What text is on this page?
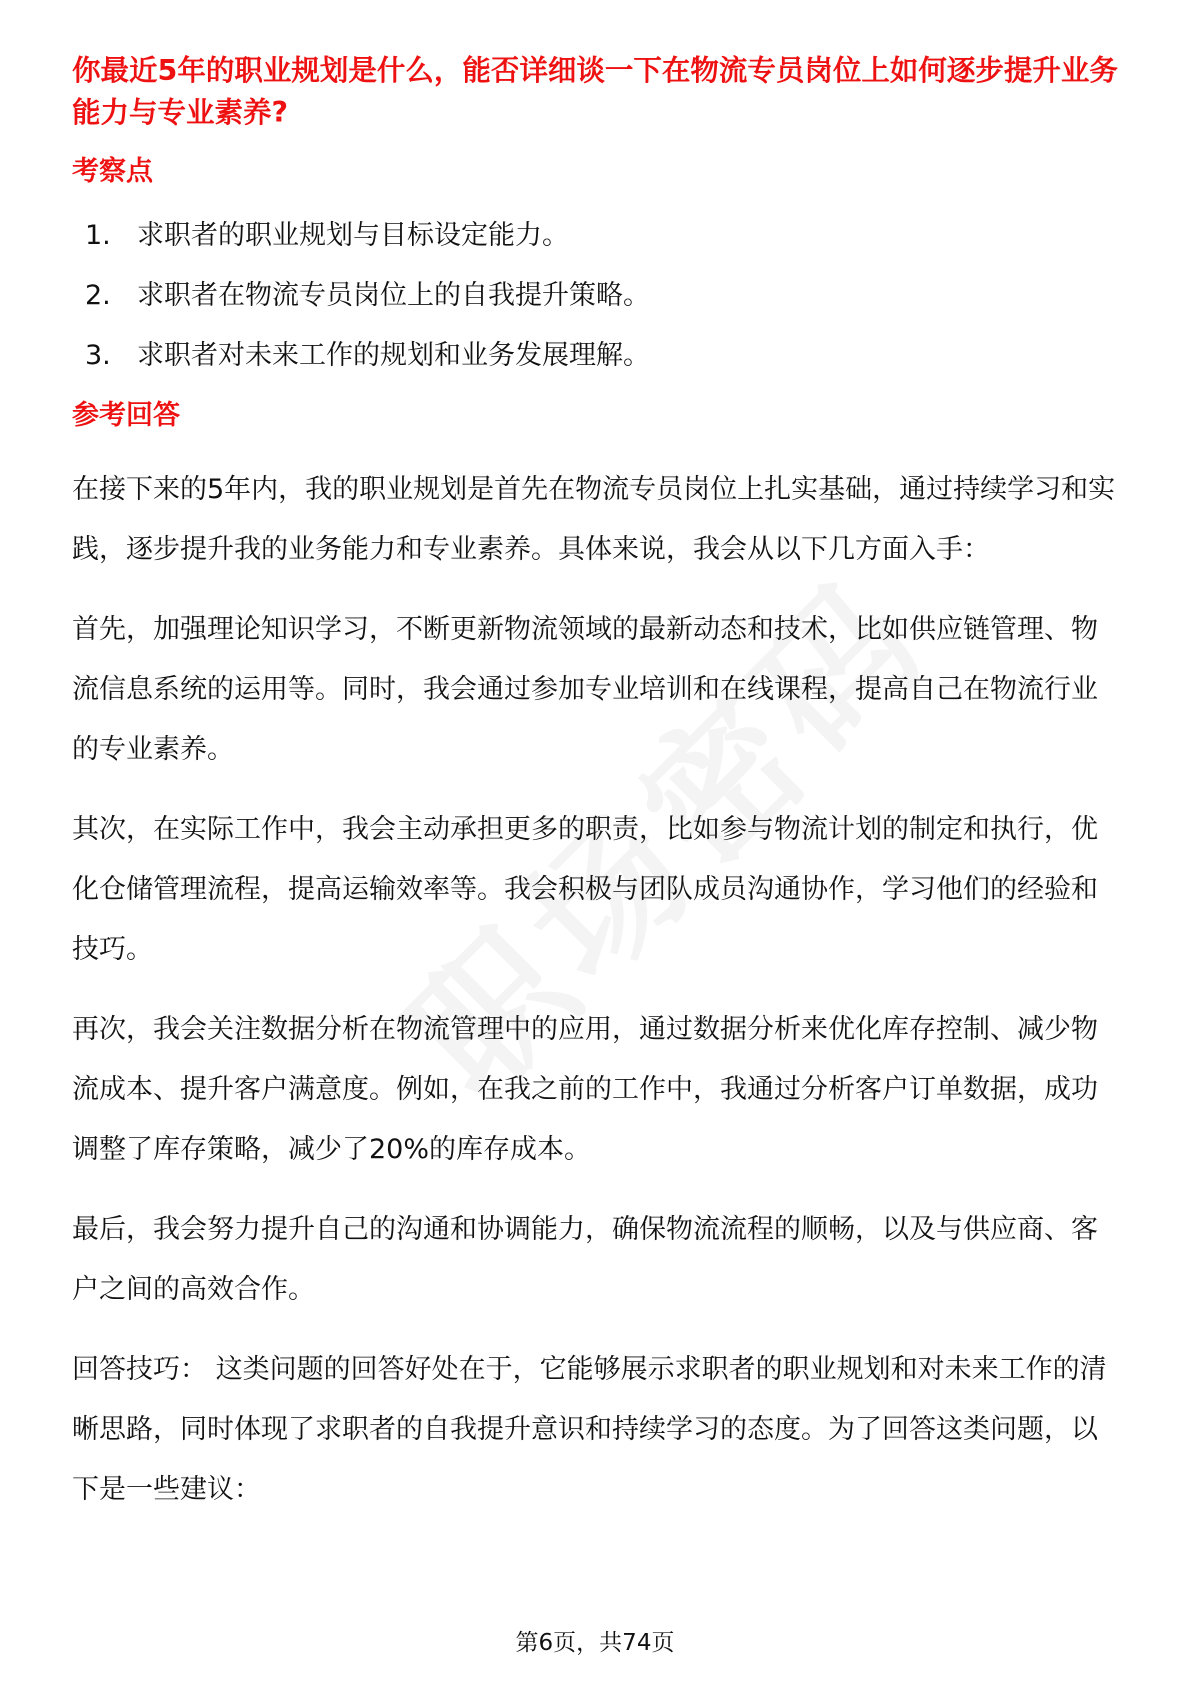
你最近5年的职业规划是什么，能否详细谈一下在物流专员岗位上如何逐步提升业务能力与专业素养?

考察点
1. 求职者的职业规划与目标设定能力。
2. 求职者在物流专员岗位上的自我提升策略。
3. 求职者对未来工作的规划和业务发展理解。
参考回答

在接下来的5年内，我的职业规划是首先在物流专员岗位上扎实基础，通过持续学习和实践，逐步提升我的业务能力和专业素养。具体来说，我会从以下几方面入手：

首先，加强理论知识学习，不断更新物流领域的最新动态和技术，比如供应链管理、物流信息系统的运用等。同时，我会通过参加专业培训和在线课程，提高自己在物流行业的专业素养。

其次，在实际工作中，我会主动承担更多的职责，比如参与物流计划的制定和执行，优化仓储管理流程，提高运输效率等。我会积极与团队成员沟通协作，学习他们的经验和技巧。

再次，我会关注数据分析在物流管理中的应用，通过数据分析来优化库存控制、减少物流成本、提升客户满意度。例如，在我之前的工作中，我通过分析客户订单数据，成功调整了库存策略，减少了20%的库存成本。

最后，我会努力提升自己的沟通和协调能力，确保物流流程的顺畅，以及与供应商、客户之间的高效合作。

回答技巧： 这类问题的回答好处在于，它能够展示求职者的职业规划和对未来工作的清晰思路，同时体现了求职者的自我提升意识和持续学习的态度。为了回答这类问题，以下是一些建议：

第6页，共74页
